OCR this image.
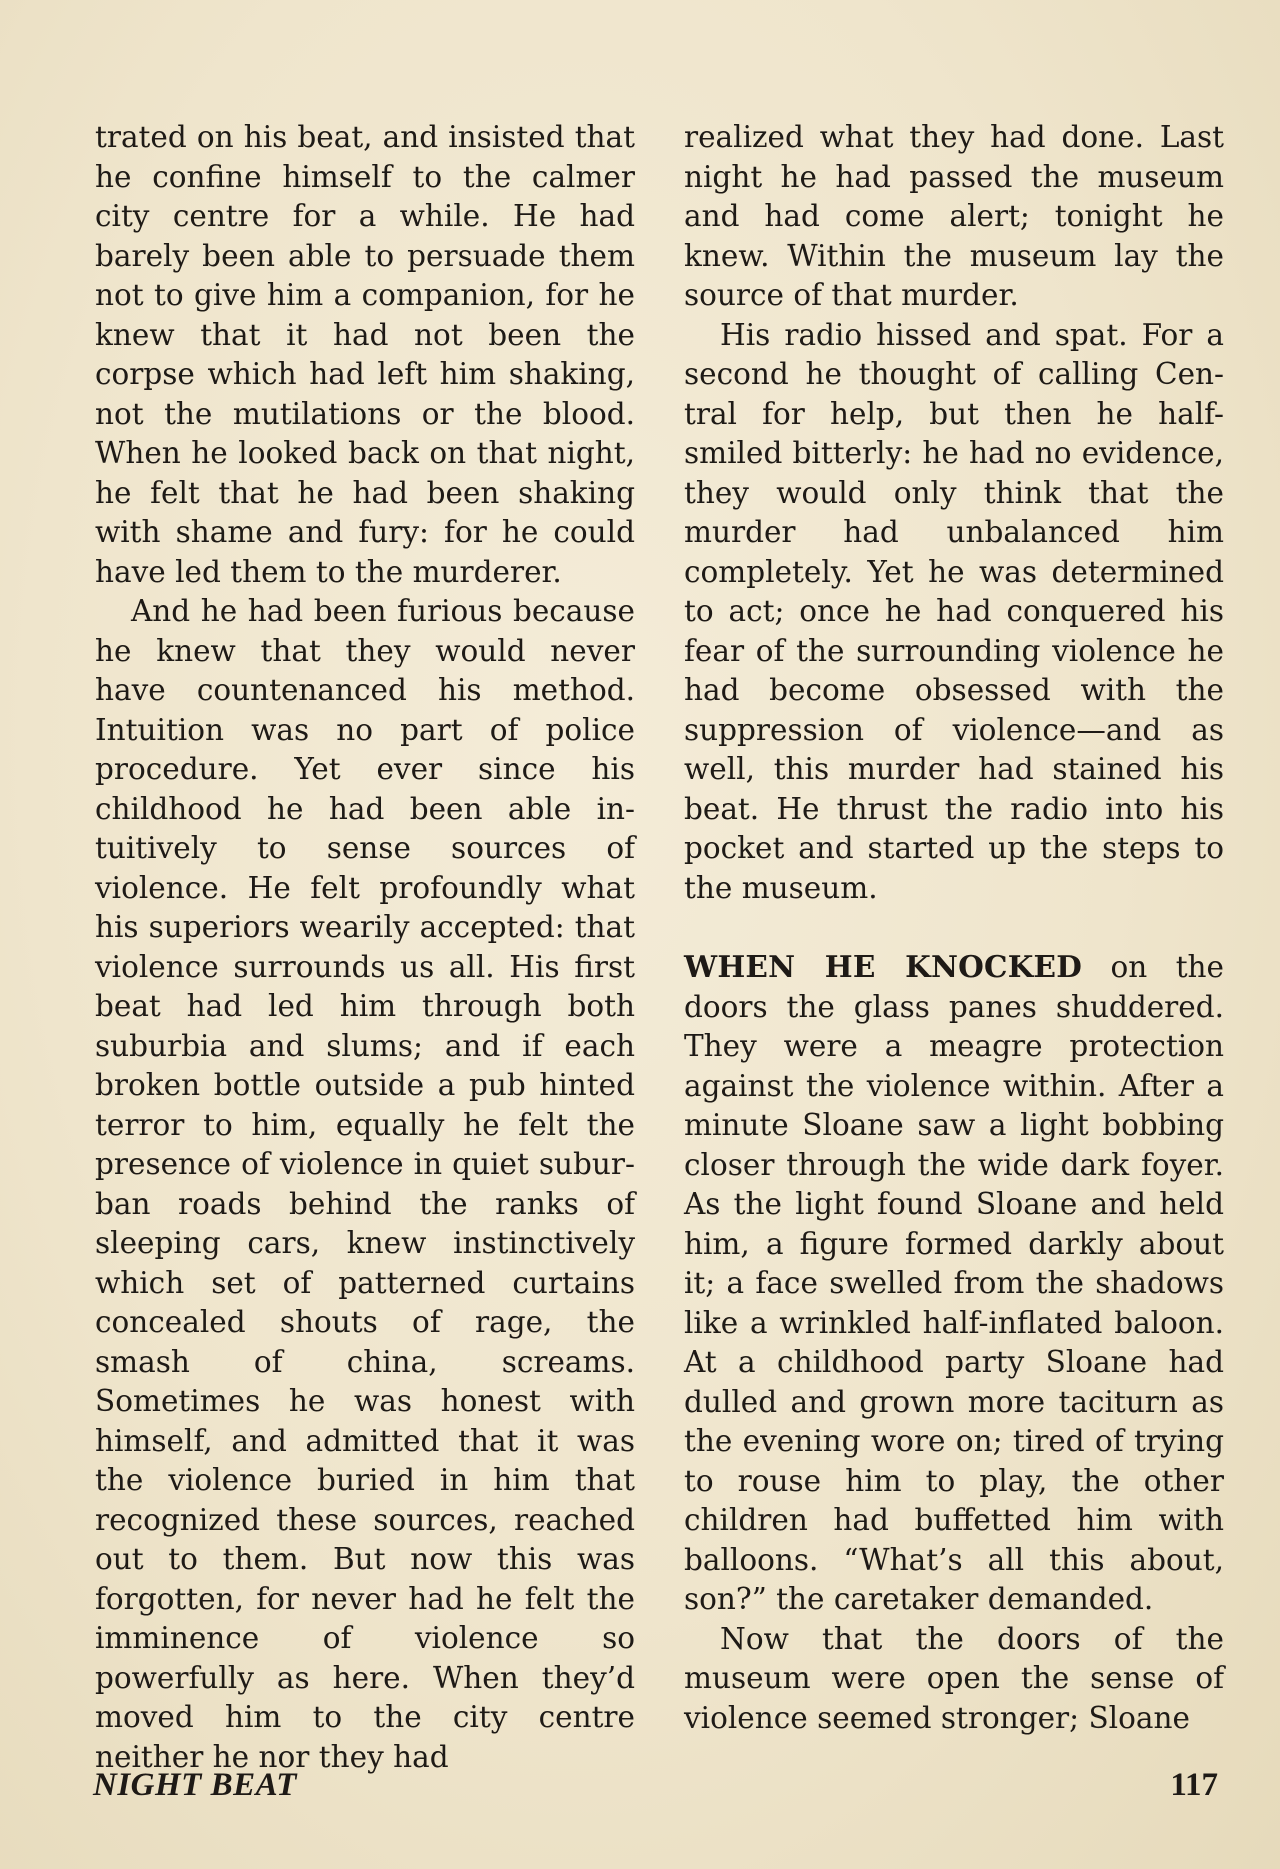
trated on his beat, and insisted that he confine himself to the calmer city centre for a while. He had barely been able to persuade them not to give him a companion, for he knew that it had not been the corpse which had left him shaking, not the mutilations or the blood. When he looked back on that night, he felt that he had been shaking with shame and fury: for he could have led them to the murderer.

And he had been furious because he knew that they would never have countenanced his method. Intuition was no part of police procedure. Yet ever since his childhood he had been able intuitively to sense sources of violence. He felt profoundly what his superiors wearily accepted: that violence surrounds us all. His first beat had led him through both suburbia and slums; and if each broken bottle outside a pub hinted terror to him, equally he felt the presence of violence in quiet suburban roads behind the ranks of sleeping cars, knew instinctively which set of patterned curtains concealed shouts of rage, the smash of china, screams. Sometimes he was honest with himself, and admitted that it was the violence buried in him that recognized these sources, reached out to them. But now this was forgotten, for never had he felt the imminence of violence so powerfully as here. When they’d moved him to the city centre neither he nor they had

realized what they had done. Last night he had passed the museum and had come alert; tonight he knew. Within the museum lay the source of that murder.

His radio hissed and spat. For a second he thought of calling Central for help, but then he half-smiled bitterly: he had no evidence, they would only think that the murder had unbalanced him completely. Yet he was determined to act; once he had conquered his fear of the surrounding violence he had become obsessed with the suppression of violence—and as well, this murder had stained his beat. He thrust the radio into his pocket and started up the steps to the museum.

WHEN HE KNOCKED on the doors the glass panes shuddered. They were a meagre protection against the violence within. After a minute Sloane saw a light bobbing closer through the wide dark foyer. As the light found Sloane and held him, a figure formed darkly about it; a face swelled from the shadows like a wrinkled half-inflated baloon. At a childhood party Sloane had dulled and grown more taciturn as the evening wore on; tired of trying to rouse him to play, the other children had buffetted him with balloons. “What’s all this about, son?” the caretaker demanded.

Now that the doors of the museum were open the sense of violence seemed stronger; Sloane

NIGHT BEAT	117
